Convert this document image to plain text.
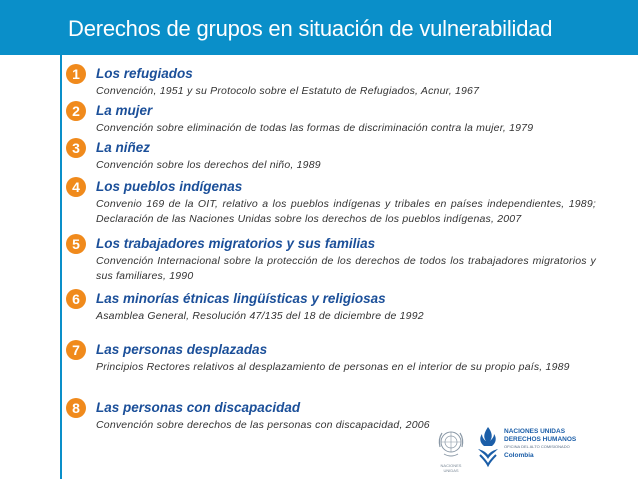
Derechos de grupos en situación de vulnerabilidad
1	Los refugiados
Convención, 1951 y su Protocolo sobre el Estatuto de Refugiados, Acnur, 1967
2	La mujer
Convención sobre eliminación de todas las formas de discriminación contra la mujer, 1979
3	La niñez
Convención sobre los derechos del niño, 1989
4	Los pueblos indígenas
Convenio 169 de la OIT, relativo a los pueblos indígenas y tribales en países independientes, 1989; Declaración de las Naciones Unidas sobre los derechos de los pueblos indígenas, 2007
5	Los trabajadores migratorios y sus familias
Convención Internacional sobre la protección de los derechos de todos los trabajadores migratorios y sus familiares, 1990
6	Las minorías étnicas lingüísticas y religiosas
Asamblea General, Resolución 47/135 del 18 de diciembre de 1992
7	Las personas desplazadas
Principios Rectores relativos al desplazamiento de personas en el interior de su propio país, 1989
8	Las personas con discapacidad
Convención sobre derechos de las personas con discapacidad, 2006
NACIONES UNIDAS
NACIONES UNIDAS
DERECHOS HUMANOS
OFICINA DEL ALTO COMISIONADO
Colombia
